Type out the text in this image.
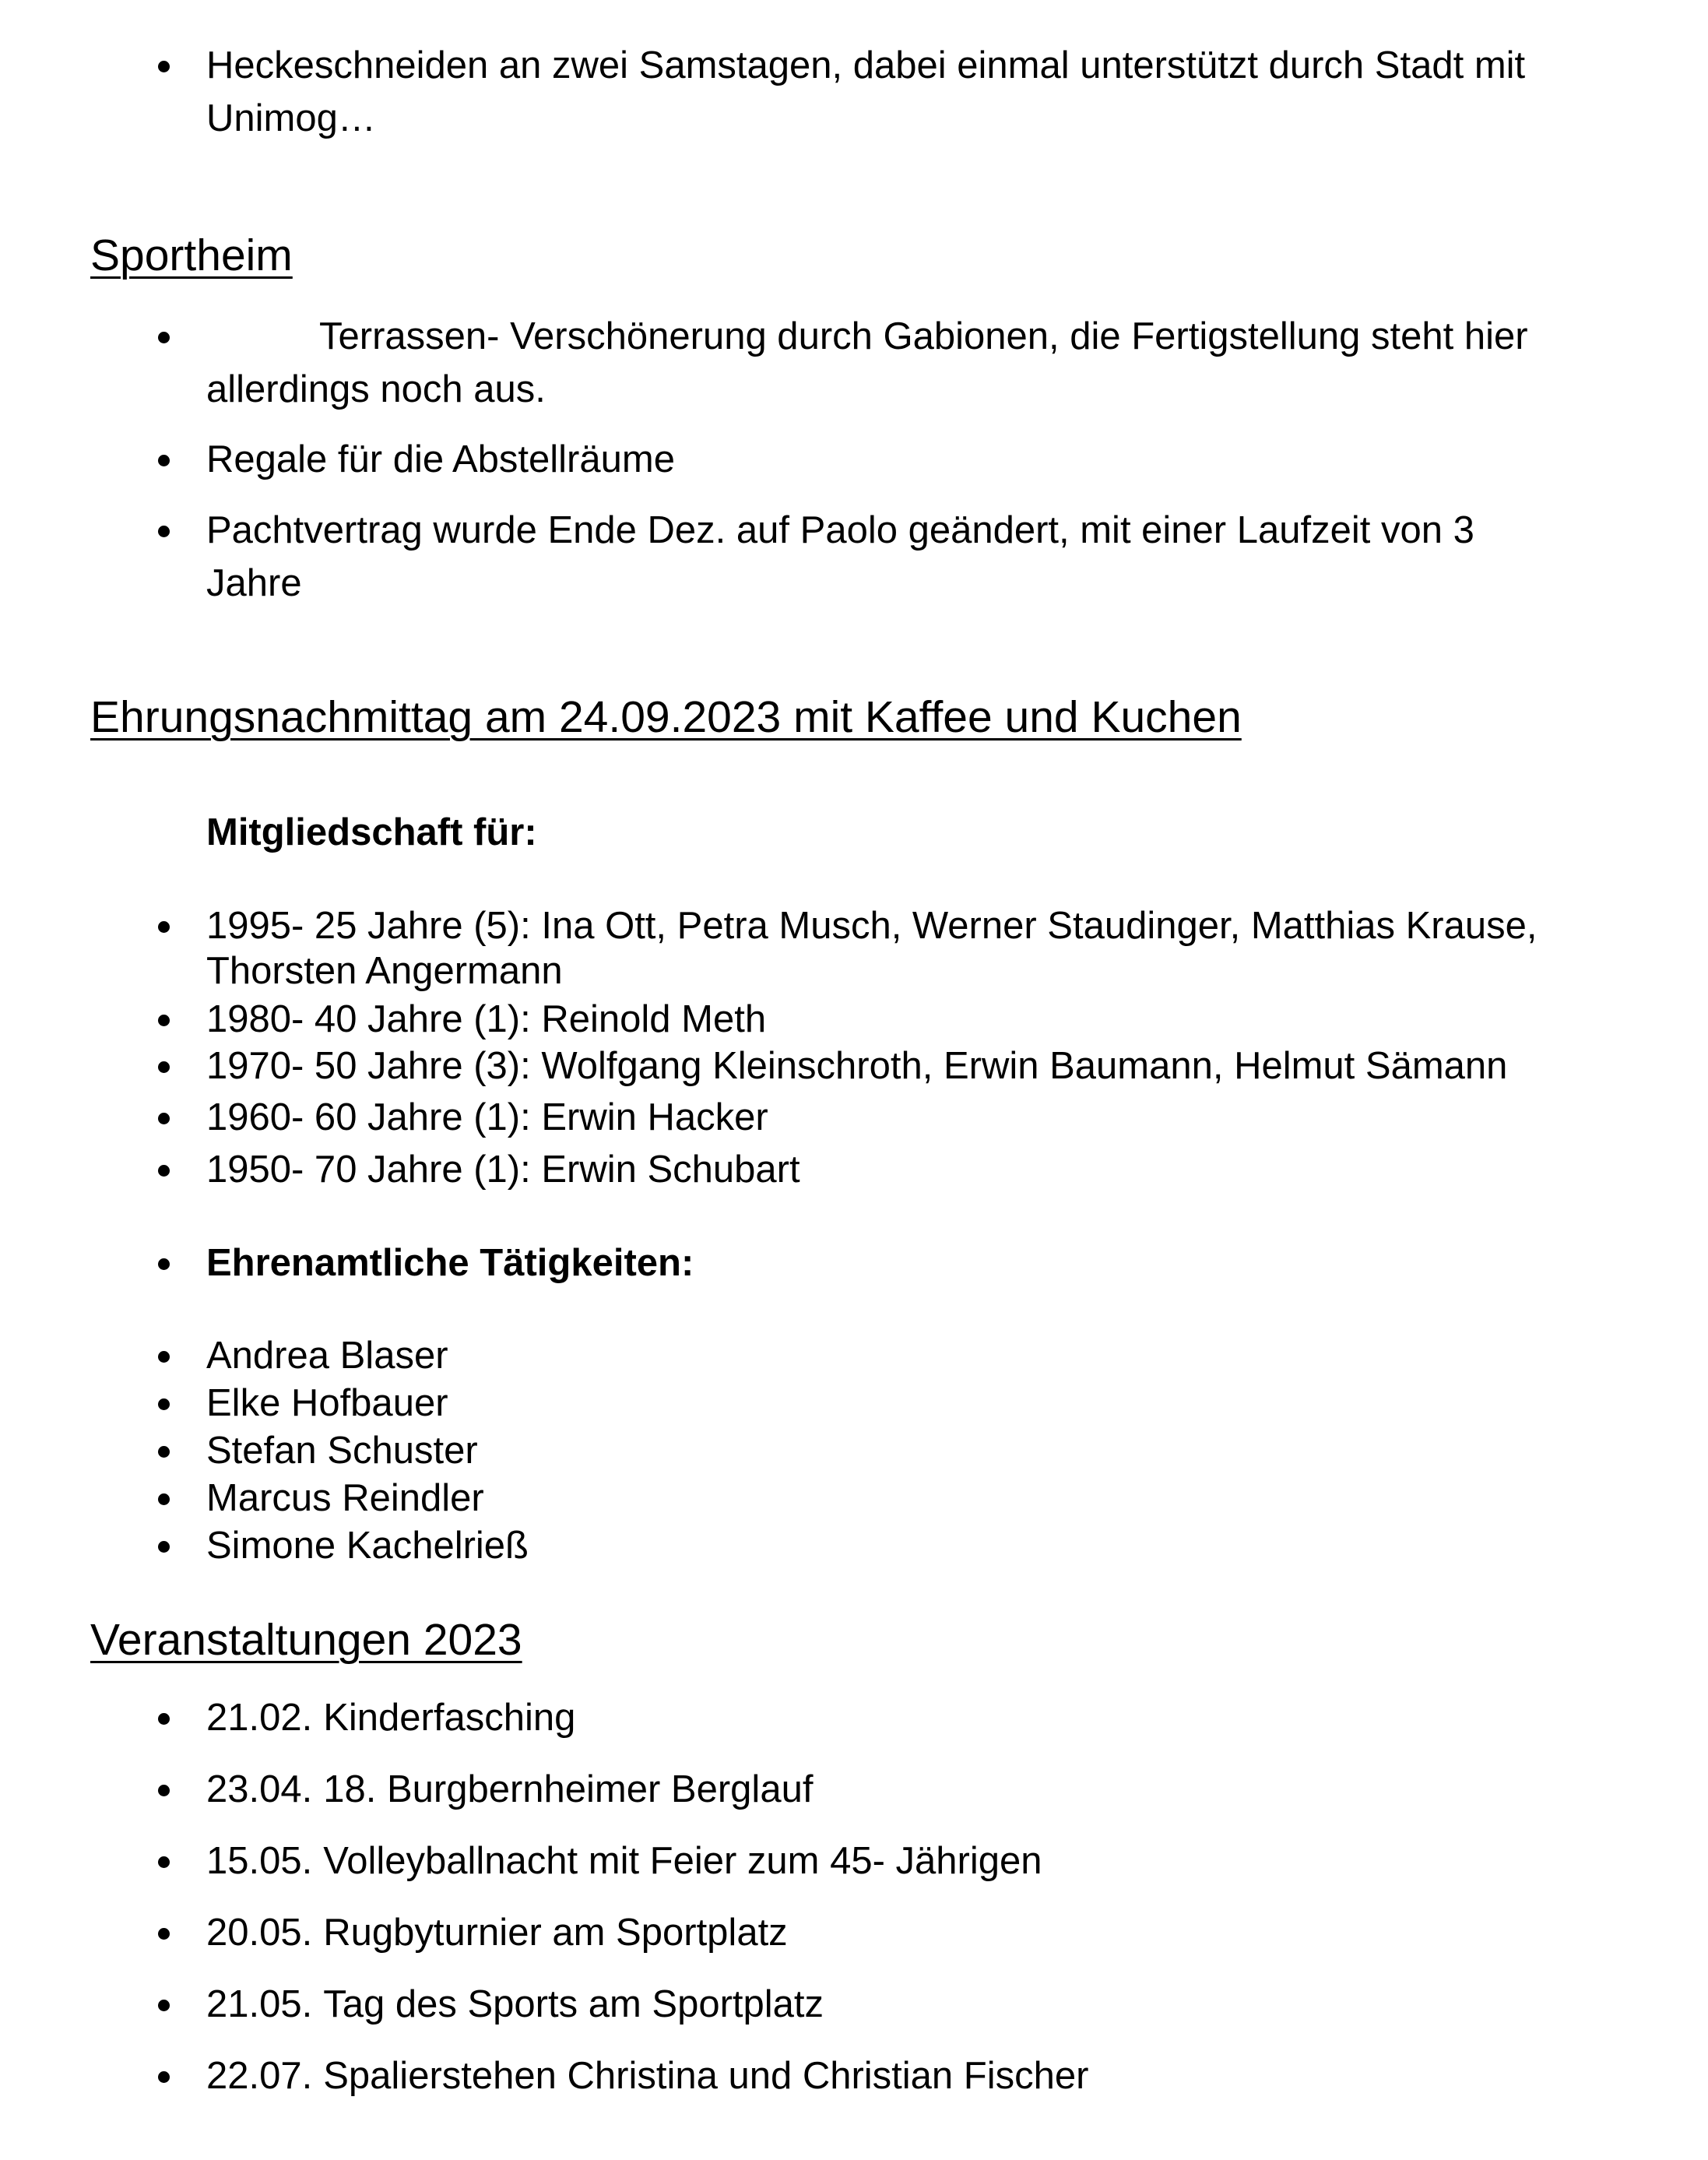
Heckeschneiden an zwei Samstagen, dabei einmal unterstützt durch Stadt mit Unimog…
Sportheim
Terrassen- Verschönerung durch Gabionen, die Fertigstellung steht hier allerdings noch aus.
Regale für die Abstellräume
Pachtvertrag wurde Ende Dez. auf Paolo geändert, mit einer Laufzeit von 3 Jahre
Ehrungsnachmittag am 24.09.2023 mit Kaffee und Kuchen
Mitgliedschaft für:
1995- 25 Jahre (5): Ina Ott, Petra Musch, Werner Staudinger, Matthias Krause, Thorsten Angermann
1980- 40 Jahre (1): Reinold Meth
1970- 50 Jahre (3): Wolfgang Kleinschroth, Erwin Baumann, Helmut Sämann
1960- 60 Jahre (1): Erwin Hacker
1950- 70 Jahre (1): Erwin Schubart
Ehrenamtliche Tätigkeiten:
Andrea Blaser
Elke Hofbauer
Stefan Schuster
Marcus Reindler
Simone Kachelrieß
Veranstaltungen 2023
21.02. Kinderfasching
23.04. 18. Burgbernheimer Berglauf
15.05. Volleyballnacht mit Feier zum 45- Jährigen
20.05. Rugbyturnier am Sportplatz
21.05. Tag des Sports am Sportplatz
22.07. Spalierstehen Christina und Christian Fischer
